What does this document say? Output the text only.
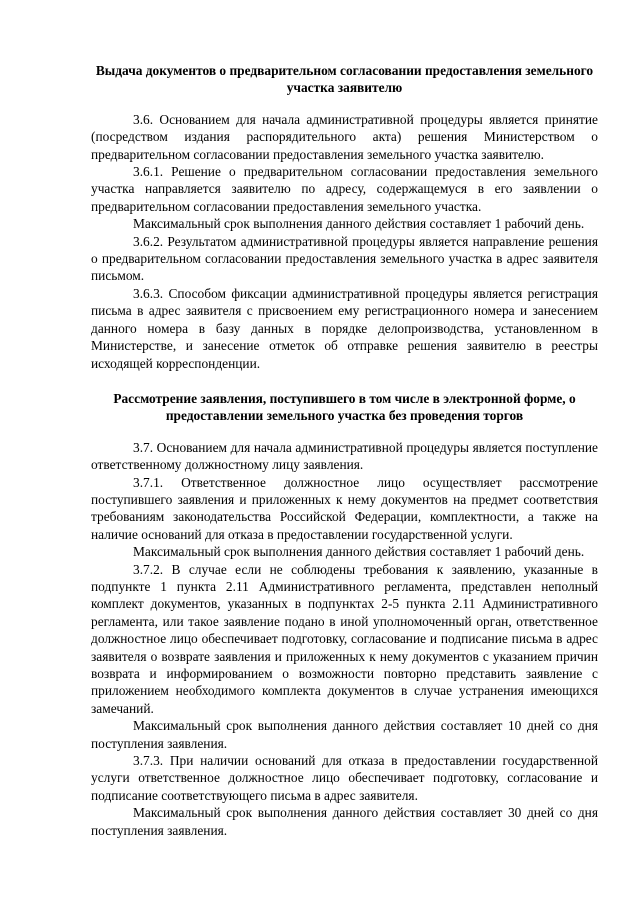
Выдача документов о предварительном согласовании предоставления земельного участка заявителю

3.6. Основанием для начала административной процедуры является принятие (посредством издания распорядительного акта) решения Министерством о предварительном согласовании предоставления земельного участка заявителю.

3.6.1. Решение о предварительном согласовании предоставления земельного участка направляется заявителю по адресу, содержащемуся в его заявлении о предварительном согласовании предоставления земельного участка.

Максимальный срок выполнения данного действия составляет 1 рабочий день.

3.6.2. Результатом административной процедуры является направление решения о предварительном согласовании предоставления земельного участка в адрес заявителя письмом.

3.6.3. Способом фиксации административной процедуры является регистрация письма в адрес заявителя с присвоением ему регистрационного номера и занесением данного номера в базу данных в порядке делопроизводства, установленном в Министерстве, и занесение отметок об отправке решения заявителю в реестры исходящей корреспонденции.

Рассмотрение заявления, поступившего в том числе в электронной форме, о предоставлении земельного участка без проведения торгов

3.7. Основанием для начала административной процедуры является поступление ответственному должностному лицу заявления.

3.7.1. Ответственное должностное лицо осуществляет рассмотрение поступившего заявления и приложенных к нему документов на предмет соответствия требованиям законодательства Российской Федерации, комплектности, а также на наличие оснований для отказа в предоставлении государственной услуги.

Максимальный срок выполнения данного действия составляет 1 рабочий день.

3.7.2. В случае если не соблюдены требования к заявлению, указанные в подпункте 1 пункта 2.11 Административного регламента, представлен неполный комплект документов, указанных в подпунктах 2-5 пункта 2.11 Административного регламента, или такое заявление подано в иной уполномоченный орган, ответственное должностное лицо обеспечивает подготовку, согласование и подписание письма в адрес заявителя о возврате заявления и приложенных к нему документов с указанием причин возврата и информированием о возможности повторно представить заявление с приложением необходимого комплекта документов в случае устранения имеющихся замечаний.

Максимальный срок выполнения данного действия составляет 10 дней со дня поступления заявления.

3.7.3. При наличии оснований для отказа в предоставлении государственной услуги ответственное должностное лицо обеспечивает подготовку, согласование и подписание соответствующего письма в адрес заявителя.

Максимальный срок выполнения данного действия составляет 30 дней со дня поступления заявления.
